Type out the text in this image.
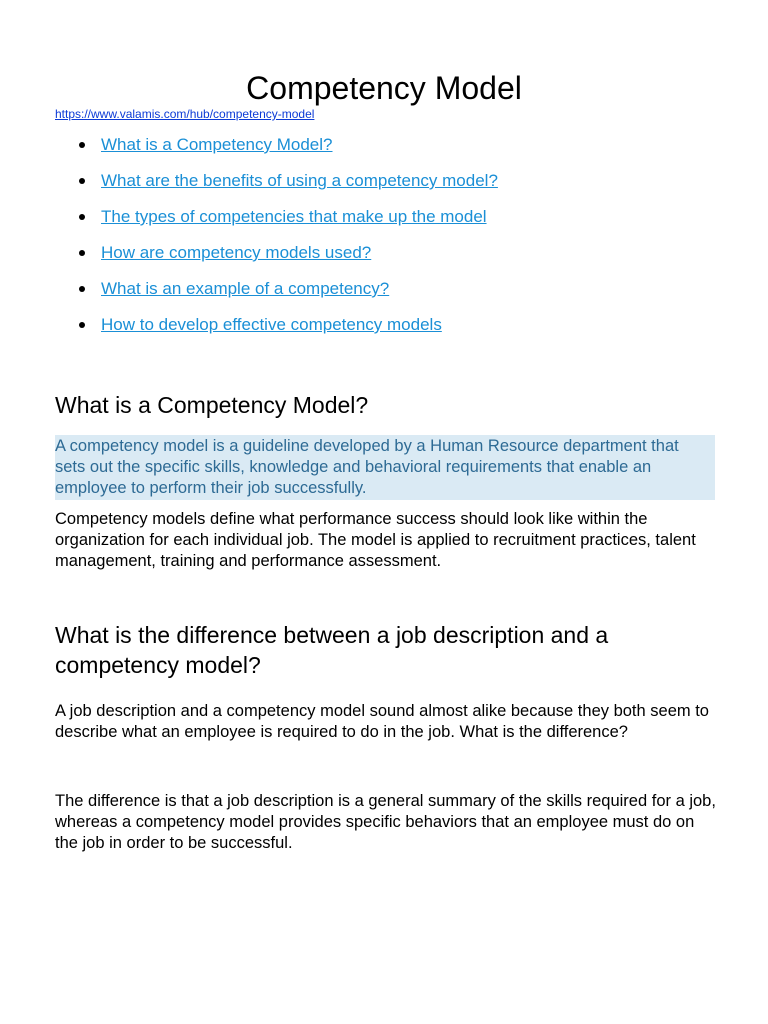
Competency Model
https://www.valamis.com/hub/competency-model
What is a Competency Model?
What are the benefits of using a competency model?
The types of competencies that make up the model
How are competency models used?
What is an example of a competency?
How to develop effective competency models
What is a Competency Model?
A competency model is a guideline developed by a Human Resource department that sets out the specific skills, knowledge and behavioral requirements that enable an employee to perform their job successfully.

Competency models define what performance success should look like within the organization for each individual job. The model is applied to recruitment practices, talent management, training and performance assessment.

What is the difference between a job description and a competency model?

A job description and a competency model sound almost alike because they both seem to describe what an employee is required to do in the job. What is the difference?

The difference is that a job description is a general summary of the skills required for a job, whereas a competency model provides specific behaviors that an employee must do on the job in order to be successful.
